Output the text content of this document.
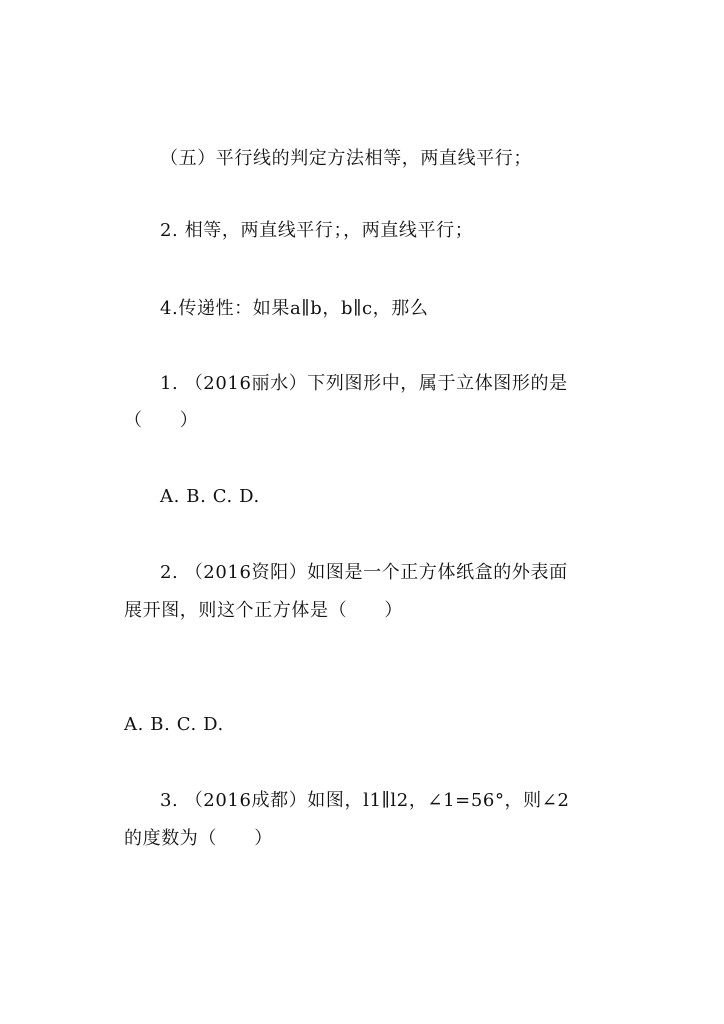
（五）平行线的判定方法相等，两直线平行；
2. 相等，两直线平行；，两直线平行；
4.传递性：如果a∥b，b∥c，那么
1. （2016丽水）下列图形中，属于立体图形的是
（　　）
A. B. C. D.
2. （2016资阳）如图是一个正方体纸盒的外表面
展开图，则这个正方体是（　　）
A. B. C. D.
3. （2016成都）如图，l1∥l2，∠1=56°，则∠2
的度数为（　　）
